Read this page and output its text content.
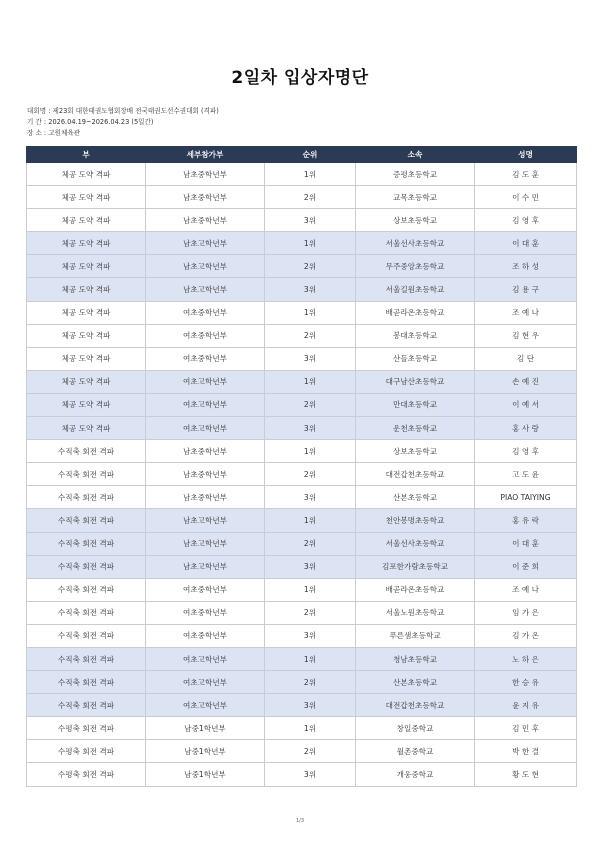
2일차 입상자명단
대회명 : 제23회 대한태권도협회장배 전국태권도선수권대회 (격파)
기 간 : 2026.04.19~2026.04.23 (5일간)
장 소 : 고원체육관
부	세부참가부	순위	소속	성명
체공 도약 격파	남초중학년부	1위	증평초등학교	김 도 훈
체공 도약 격파	남초중학년부	2위	교목초등학교	이 수 민
체공 도약 격파	남초중학년부	3위	상보초등학교	김 영 후
체공 도약 격파	남초고학년부	1위	서울선사초등학교	이 대 훈
체공 도약 격파	남초고학년부	2위	무주중앙초등학교	조 하 성
체공 도약 격파	남초고학년부	3위	서울길원초등학교	김 용 구
체공 도약 격파	여초중학년부	1위	배곧라온초등학교	조 예 나
체공 도약 격파	여초중학년부	2위	봉대초등학교	김 현 우
체공 도약 격파	여초중학년부	3위	산들초등학교	김 단
체공 도약 격파	여초고학년부	1위	대구남산초등학교	손 예 진
체공 도약 격파	여초고학년부	2위	만대초등학교	이 예 서
체공 도약 격파	여초고학년부	3위	운천초등학교	홍 사 랑
수직축 회전 격파	남초중학년부	1위	상보초등학교	김 영 후
수직축 회전 격파	남초중학년부	2위	대전갑천초등학교	고 도 윤
수직축 회전 격파	남초중학년부	3위	산본초등학교	PIAO TAIYING
수직축 회전 격파	남초고학년부	1위	천안봉명초등학교	홍 유 락
수직축 회전 격파	남초고학년부	2위	서울선사초등학교	이 대 훈
수직축 회전 격파	남초고학년부	3위	김포한가람초등학교	이 준 희
수직축 회전 격파	여초중학년부	1위	배곧라온초등학교	조 예 나
수직축 회전 격파	여초중학년부	2위	서울노원초등학교	임 가 은
수직축 회전 격파	여초중학년부	3위	푸른샘초등학교	김 가 온
수직축 회전 격파	여초고학년부	1위	청남초등학교	노 하 은
수직축 회전 격파	여초고학년부	2위	산본초등학교	한 승 유
수직축 회전 격파	여초고학년부	3위	대전갑천초등학교	윤 지 유
수평축 회전 격파	남중1학년부	1위	창일중학교	김 민 후
수평축 회전 격파	남중1학년부	2위	월촌중학교	박 한 결
수평축 회전 격파	남중1학년부	3위	개웅중학교	황 도 현
1/3
